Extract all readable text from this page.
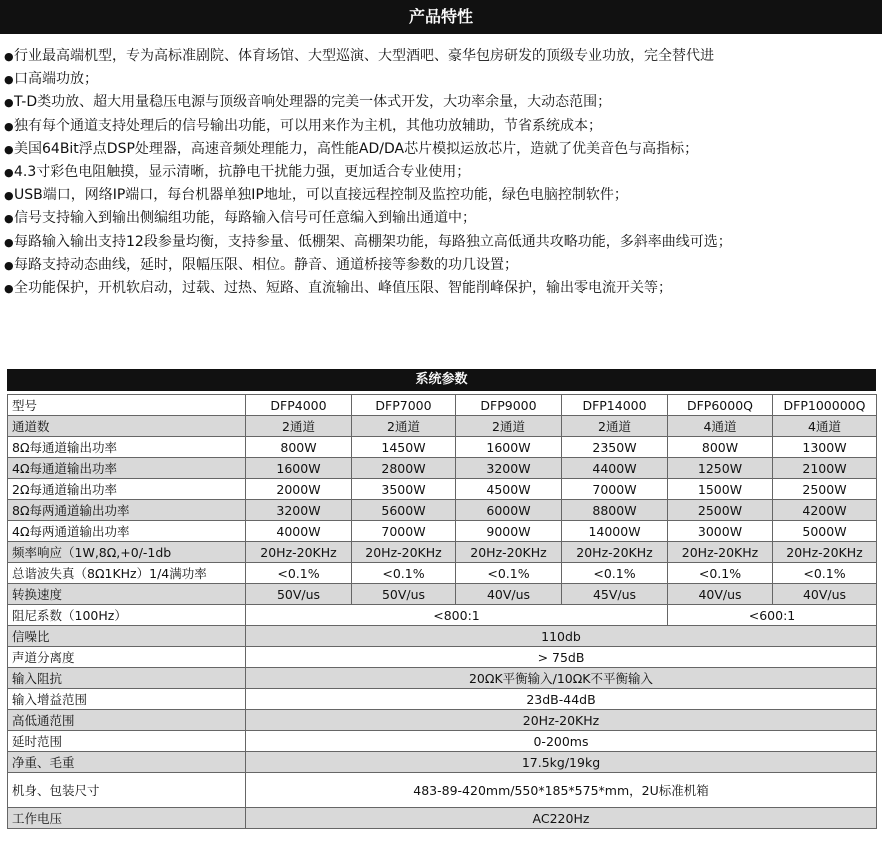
产品特性
●行业最高端机型，专为高标准剧院、体育场馆、大型巡演、大型酒吧、豪华包房研发的顶级专业功放，完全替代进
●口高端功放；
●T-D类功放、超大用量稳压电源与顶级音响处理器的完美一体式开发，大功率余量，大动态范围；
●独有每个通道支持处理后的信号输出功能，可以用来作为主机，其他功放辅助，节省系统成本；
●美国64Bit浮点DSP处理器，高速音频处理能力，高性能AD/DA芯片模拟运放芯片，造就了优美音色与高指标；
●4.3寸彩色电阻触摸，显示清晰，抗静电干扰能力强，更加适合专业使用；
●USB端口，网络IP端口，每台机器单独IP地址，可以直接远程控制及监控功能，绿色电脑控制软件；
●信号支持输入到输出侧编组功能，每路输入信号可任意编入到输出通道中；
●每路输入输出支持12段参量均衡，支持参量、低棚架、高棚架功能，每路独立高低通共攻略功能，多斜率曲线可选；
●每路支持动态曲线，延时，限幅压限、相位。静音、通道桥接等参数的功几设置；
●全功能保护，开机软启动，过载、过热、短路、直流输出、峰值压限、智能削峰保护，输出零电流开关等；
系统参数
型号	DFP4000	DFP7000	DFP9000	DFP14000	DFP6000Q	DFP100000Q
通道数	2通道	2通道	2通道	2通道	4通道	4通道
8Ω每通道输出功率	800W	1450W	1600W	2350W	800W	1300W
4Ω每通道输出功率	1600W	2800W	3200W	4400W	1250W	2100W
2Ω每通道输出功率	2000W	3500W	4500W	7000W	1500W	2500W
8Ω每两通道输出功率	3200W	5600W	6000W	8800W	2500W	4200W
4Ω每两通道输出功率	4000W	7000W	9000W	14000W	3000W	5000W
频率响应（1W,8Ω,+0/-1db	20Hz-20KHz	20Hz-20KHz	20Hz-20KHz	20Hz-20KHz	20Hz-20KHz	20Hz-20KHz
总谐波失真（8Ω1KHz）1/4满功率	<0.1%	<0.1%	<0.1%	<0.1%	<0.1%	<0.1%
转换速度	50V/us	50V/us	40V/us	45V/us	40V/us	40V/us
阻尼系数（100Hz）	<800:1				<600:1	
信噪比	110db					
声道分离度	> 75dB					
输入阻抗	20ΩK平衡输入/10ΩK不平衡输入					
输入增益范围	23dB-44dB					
高低通范围	20Hz-20KHz					
延时范围	0-200ms					
净重、毛重	17.5kg/19kg					
机身、包装尺寸	483-89-420mm/550*185*575*mm，2U标准机箱					
工作电压	AC220Hz					
